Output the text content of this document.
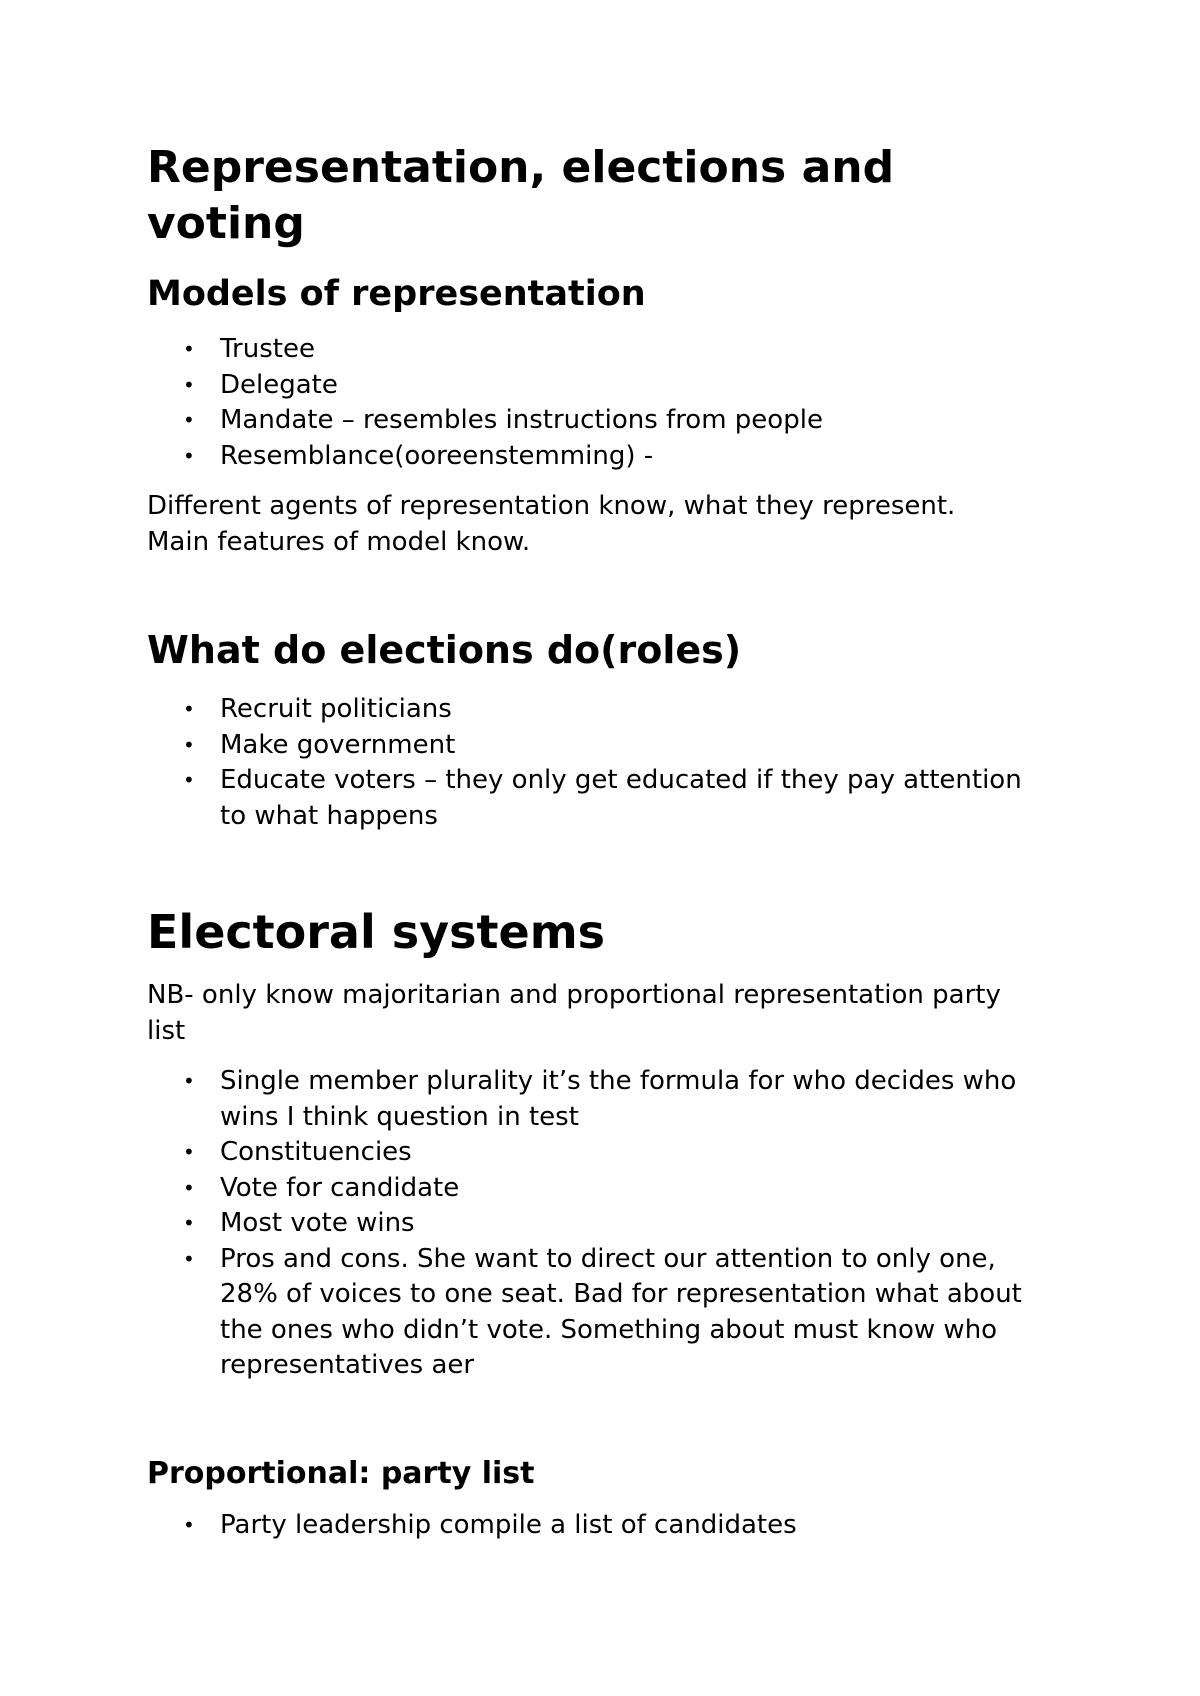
Representation, elections and voting
Models of representation
• Trustee
• Delegate
• Mandate – resembles instructions from people
• Resemblance(ooreenstemming) -

Different agents of representation know, what they represent.

Main features of model know.

What do elections do(roles)
• Recruit politicians
• Make government
• Educate voters – they only get educated if they pay attention to what happens
Electoral systems

NB- only know majoritarian and proportional representation party list

• Single member plurality it’s the formula for who decides who wins I think question in test
• Constituencies
• Vote for candidate
• Most vote wins
• Pros and cons. She want to direct our attention to only one, 28% of voices to one seat. Bad for representation what about the ones who didn’t vote. Something about must know who representatives aer
Proportional: party list
• Party leadership compile a list of candidates
